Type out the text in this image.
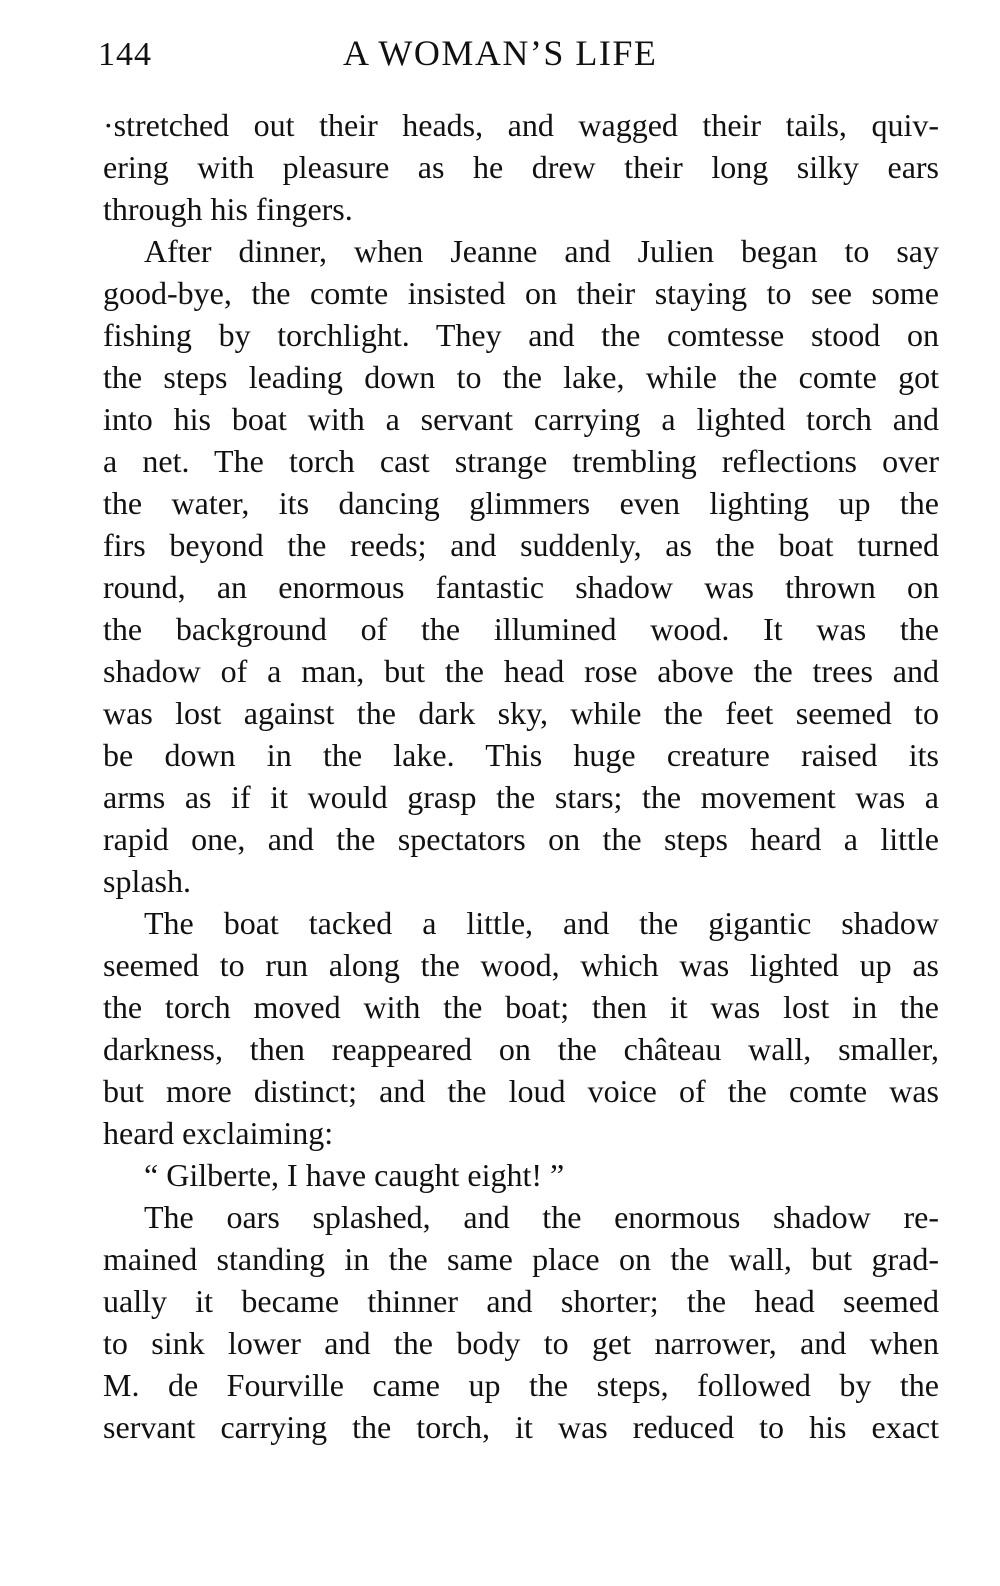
144	A WOMAN’S LIFE
·stretched out their heads, and wagged their tails, quiv-
ering with pleasure as he drew their long silky ears
through his fingers.
After dinner, when Jeanne and Julien began to say
good-bye, the comte insisted on their staying to see some
fishing by torchlight. They and the comtesse stood on
the steps leading down to the lake, while the comte got
into his boat with a servant carrying a lighted torch and
a net. The torch cast strange trembling reflections over
the water, its dancing glimmers even lighting up the
firs beyond the reeds; and suddenly, as the boat turned
round, an enormous fantastic shadow was thrown on
the background of the illumined wood. It was the
shadow of a man, but the head rose above the trees and
was lost against the dark sky, while the feet seemed to
be down in the lake. This huge creature raised its
arms as if it would grasp the stars; the movement was a
rapid one, and the spectators on the steps heard a little
splash.
The boat tacked a little, and the gigantic shadow
seemed to run along the wood, which was lighted up as
the torch moved with the boat; then it was lost in the
darkness, then reappeared on the château wall, smaller,
but more distinct; and the loud voice of the comte was
heard exclaiming:
“ Gilberte, I have caught eight! ”
The oars splashed, and the enormous shadow re-
mained standing in the same place on the wall, but grad-
ually it became thinner and shorter; the head seemed
to sink lower and the body to get narrower, and when
M. de Fourville came up the steps, followed by the
servant carrying the torch, it was reduced to his exact
